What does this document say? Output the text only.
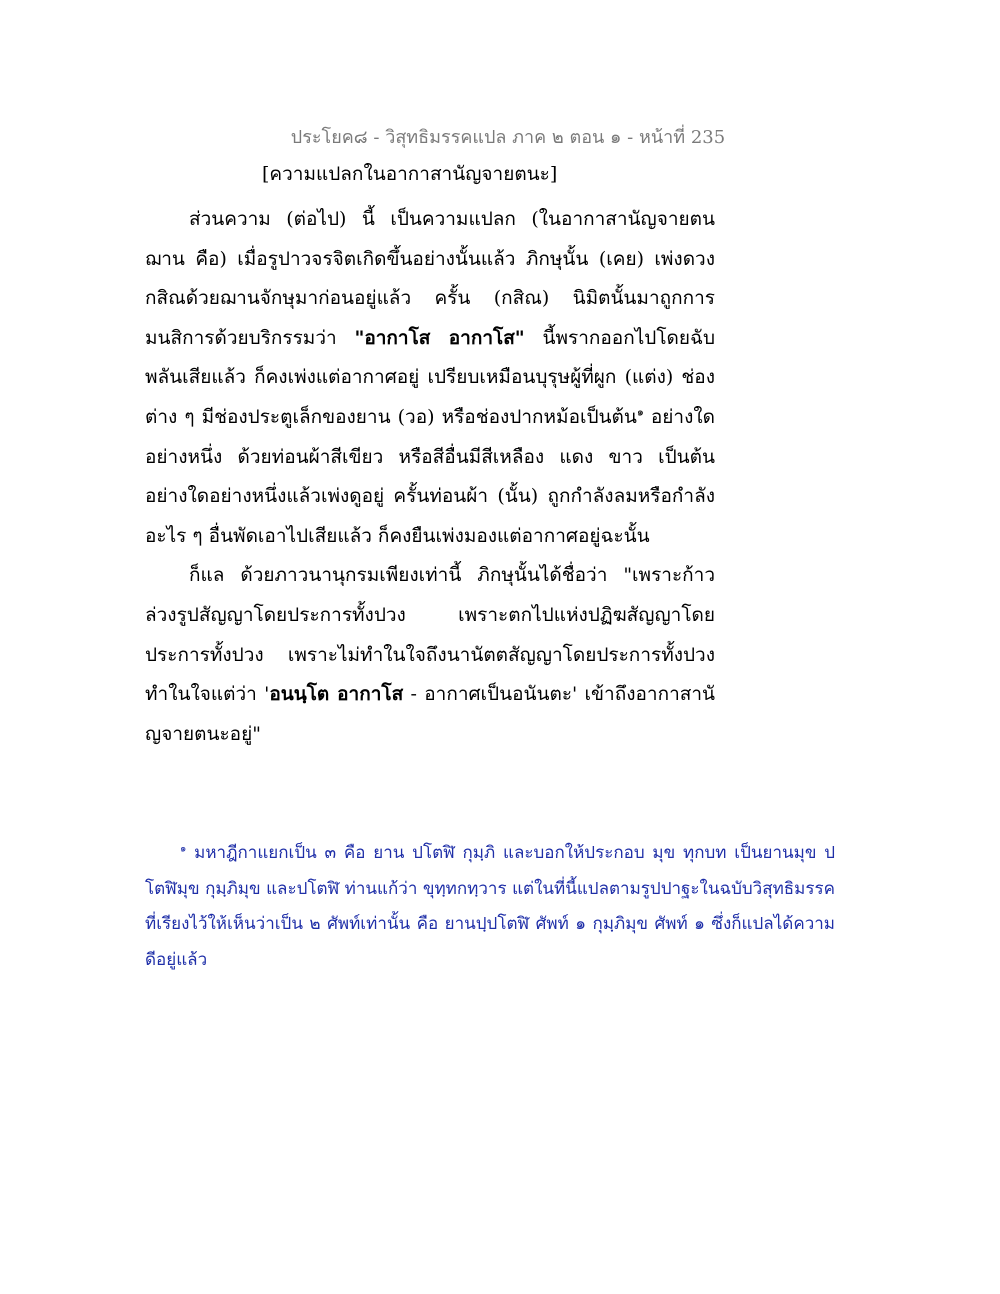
ประโยค๘ - วิสุทธิมรรคแปล ภาค ๒ ตอน ๑ - หน้าที่ 235
[ความแปลกในอากาสานัญจายตนะ]

ส่วนความ (ต่อไป) นี้ เป็นความแปลก (ในอากาสานัญจายตนฌาน คือ) เมื่อรูปาวจรจิตเกิดขึ้นอย่างนั้นแล้ว ภิกษุนั้น (เคย) เพ่งดวงกสิณด้วยฌานจักษุมาก่อนอยู่แล้ว ครั้น (กสิณ) นิมิตนั้นมาถูกการมนสิการด้วยบริกรรมว่า "อากาโส อากาโส" นี้พรากออกไปโดยฉับพลันเสียแล้ว ก็คงเพ่งแต่อากาศอยู่ เปรียบเหมือนบุรุษผู้ที่ผูก (แต่ง) ช่องต่าง ๆ มีช่องประตูเล็กของยาน (วอ) หรือช่องปากหม้อเป็นต้น$^๑$ อย่างใดอย่างหนึ่ง ด้วยท่อนผ้าสีเขียว หรือสีอื่นมีสีเหลือง แดง ขาว เป็นต้น อย่างใดอย่างหนึ่งแล้วเพ่งดูอยู่ ครั้นท่อนผ้า (นั้น) ถูกกำลังลมหรือกำลังอะไร ๆ อื่นพัดเอาไปเสียแล้ว ก็คงยืนเพ่งมองแต่อากาศอยู่ฉะนั้น

ก็แล ด้วยภาวนานุกรมเพียงเท่านี้ ภิกษุนั้นได้ชื่อว่า "เพราะก้าวล่วงรูปสัญญาโดยประการทั้งปวง เพราะตกไปแห่งปฏิฆสัญญาโดยประการทั้งปวง เพราะไม่ทำในใจถึงนานัตตสัญญาโดยประการทั้งปวง ทำในใจแต่ว่า 'อนนฺโต อากาโส - อากาศเป็นอนันตะ' เข้าถึงอากาสานัญจายตนะอยู่"

$^๑$ มหาฎีกาแยกเป็น ๓ คือ ยาน ปโตฬิ กุมฺภิ และบอกให้ประกอบ มุข ทุกบท เป็นยานมุข ปโตฬิมุข กุมฺภิมุข และปโตฬิ ท่านแก้ว่า ขุทฺทกทฺวาร แต่ในที่นี้แปลตามรูปปาฐะในฉบับวิสุทธิมรรค ที่เรียงไว้ให้เห็นว่าเป็น ๒ ศัพท์เท่านั้น คือ ยานปฺปโตฬิ ศัพท์ ๑ กุมฺภิมุข ศัพท์ ๑ ซึ่งก็แปลได้ความดีอยู่แล้ว
